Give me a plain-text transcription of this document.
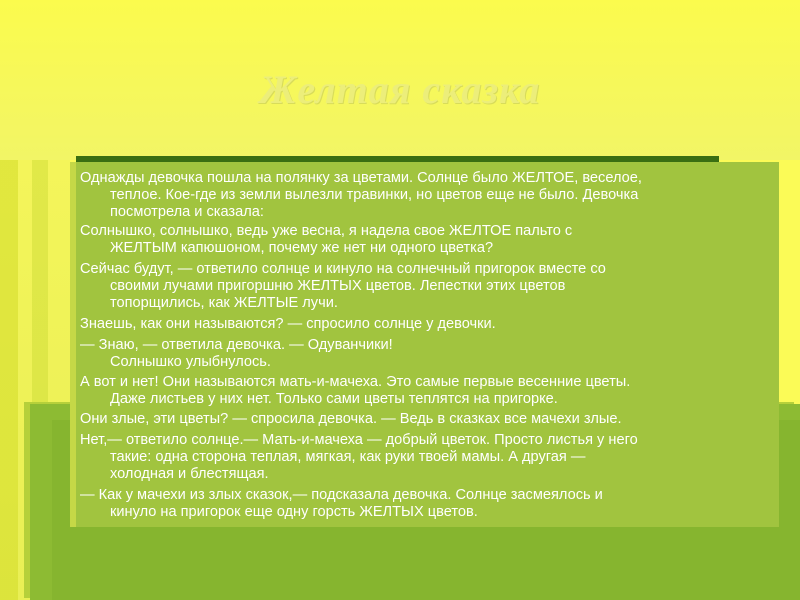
Желтая сказка

Однажды девочка пошла на полянку за цветами. Солнце было ЖЕЛТОЕ, веселое,
теплое. Кое-где из земли вылезли травинки, но цветов еще не было. Девочка
посмотрела и сказала:

Солнышко, солнышко, ведь уже весна, я надела свое ЖЕЛТОЕ пальто с
ЖЕЛТЫМ капюшоном, почему же нет ни одного цветка?

Сейчас будут, — ответило солнце и кинуло на солнечный пригорок вместе со
своими лучами пригоршню ЖЕЛТЫХ цветов. Лепестки этих цветов
топорщились, как ЖЕЛТЫЕ лучи.

Знаешь, как они называются? — спросило солнце у девочки.

— Знаю, — ответила девочка. — Одуванчики!
Солнышко улыбнулось.

А вот и нет! Они называются мать-и-мачеха. Это самые первые весенние цветы.
Даже листьев у них нет. Только сами цветы теплятся на пригорке.

Они злые, эти цветы? — спросила девочка. — Ведь в сказках все мачехи злые.

Нет,— ответило солнце.— Мать-и-мачеха — добрый цветок. Просто листья у него
такие: одна сторона теплая, мягкая, как руки твоей мамы. А другая —
холодная и блестящая.

— Как у мачехи из злых сказок,— подсказала девочка. Солнце засмеялось и
кинуло на пригорок еще одну горсть ЖЕЛТЫХ цветов.
